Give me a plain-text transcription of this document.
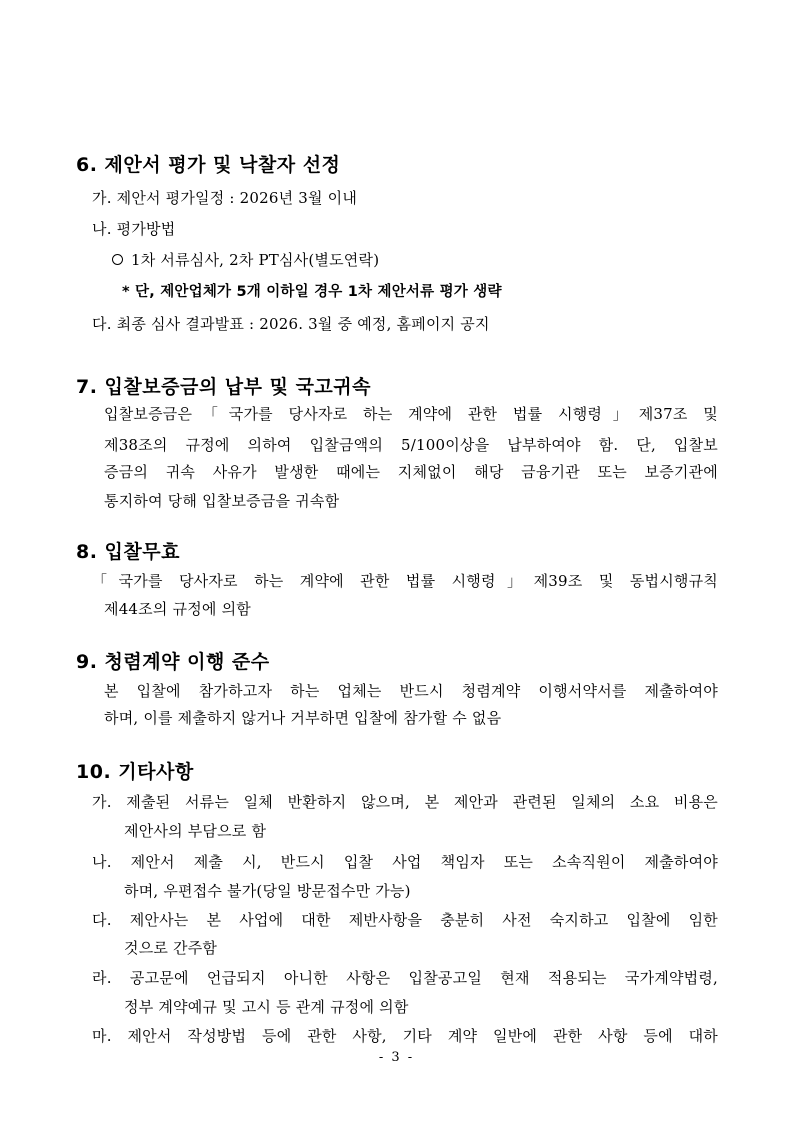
6. 제안서 평가 및 낙찰자 선정
가. 제안서 평가일정 : 2026년 3월 이내
나. 평가방법
1차 서류심사, 2차 PT심사(별도연락)
* 단, 제안업체가 5개 이하일 경우 1차 제안서류 평가 생략
다. 최종 심사 결과발표 : 2026. 3월 중 예정, 홈페이지 공지
7. 입찰보증금의 납부 및 국고귀속
입찰보증금은「국가를 당사자로 하는 계약에 관한 법률 시행령」제37조 및
제38조의 규정에 의하여 입찰금액의 5/100이상을 납부하여야 함. 단, 입찰보
증금의 귀속 사유가 발생한 때에는 지체없이 해당 금융기관 또는 보증기관에
통지하여 당해 입찰보증금을 귀속함
8. 입찰무효
「국가를 당사자로 하는 계약에 관한 법률 시행령」제39조 및 동법시행규칙
제44조의 규정에 의함
9. 청렴계약 이행 준수
본 입찰에 참가하고자 하는 업체는 반드시 청렴계약 이행서약서를 제출하여야
하며, 이를 제출하지 않거나 거부하면 입찰에 참가할 수 없음
10. 기타사항
가. 제출된 서류는 일체 반환하지 않으며, 본 제안과 관련된 일체의 소요 비용은
제안사의 부담으로 함
나. 제안서 제출 시, 반드시 입찰 사업 책임자 또는 소속직원이 제출하여야
하며, 우편접수 불가(당일 방문접수만 가능)
다. 제안사는 본 사업에 대한 제반사항을 충분히 사전 숙지하고 입찰에 임한
것으로 간주함
라. 공고문에 언급되지 아니한 사항은 입찰공고일 현재 적용되는 국가계약법령,
정부 계약예규 및 고시 등 관계 규정에 의함
마. 제안서 작성방법 등에 관한 사항, 기타 계약 일반에 관한 사항 등에 대하
- 3 -
